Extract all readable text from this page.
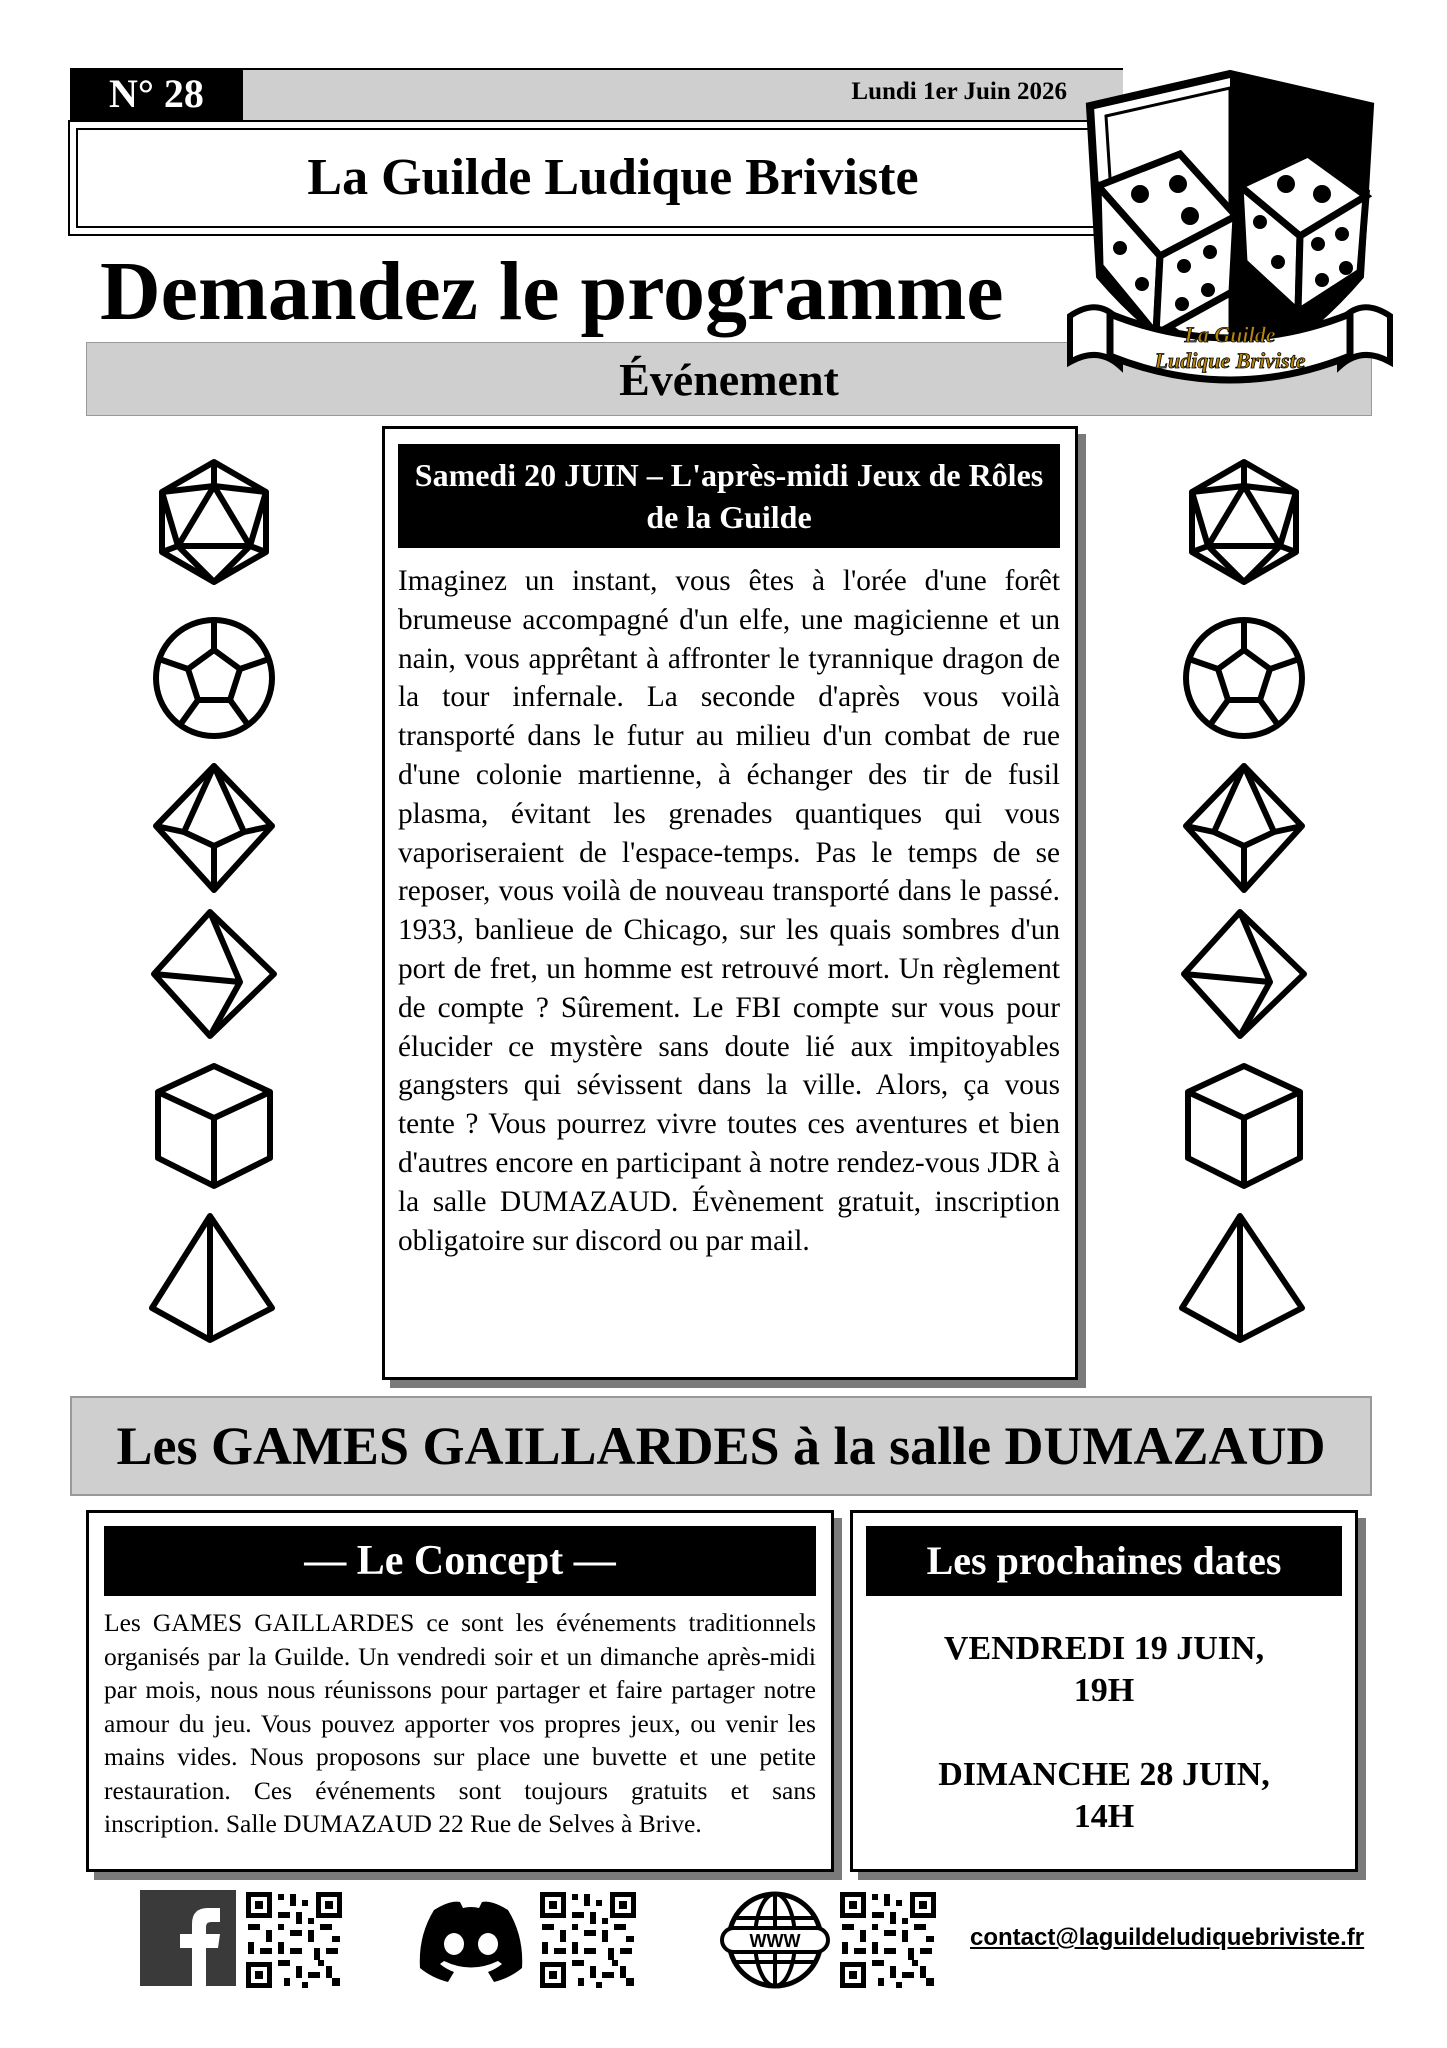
N° 28	Lundi 1er Juin 2026
La Guilde Ludique Briviste
Événement
Demandez le programme	La Guilde
Ludique Briviste
Samedi 20 JUIN – L'après-midi Jeux de Rôles de la Guilde
Imaginez un instant, vous êtes à l'orée d'une forêt brumeuse accompagné d'un elfe, une magicienne et un nain, vous apprêtant à affronter le tyrannique dragon de la tour infernale. La seconde d'après vous voilà transporté dans le futur au milieu d'un combat de rue d'une colonie martienne, à échanger des tir de fusil plasma, évitant les grenades quantiques qui vous vaporiseraient de l'espace-temps. Pas le temps de se reposer, vous voilà de nouveau transporté dans le passé. 1933, banlieue de Chicago, sur les quais sombres d'un port de fret, un homme est retrouvé mort. Un règlement de compte ? Sûrement. Le FBI compte sur vous pour élucider ce mystère sans doute lié aux impitoyables gangsters qui sévissent dans la ville. Alors, ça vous tente ? Vous pourrez vivre toutes ces aventures et bien d'autres encore en participant à notre rendez-vous JDR à la salle DUMAZAUD. Évènement gratuit, inscription obligatoire sur discord ou par mail.
Les GAMES GAILLARDES à la salle DUMAZAUD
— Le Concept —
Les GAMES GAILLARDES ce sont les événements traditionnels organisés par la Guilde. Un vendredi soir et un dimanche après-midi par mois, nous nous réunissons pour partager et faire partager notre amour du jeu. Vous pouvez apporter vos propres jeux, ou venir les mains vides. Nous proposons sur place une buvette et une petite restauration. Ces événements sont toujours gratuits et sans inscription. Salle DUMAZAUD 22 Rue de Selves à Brive.
Les prochaines dates
VENDREDI 19 JUIN,
19H
DIMANCHE 28 JUIN,
14H
WWW	contact@laguildeludiquebriviste.fr
